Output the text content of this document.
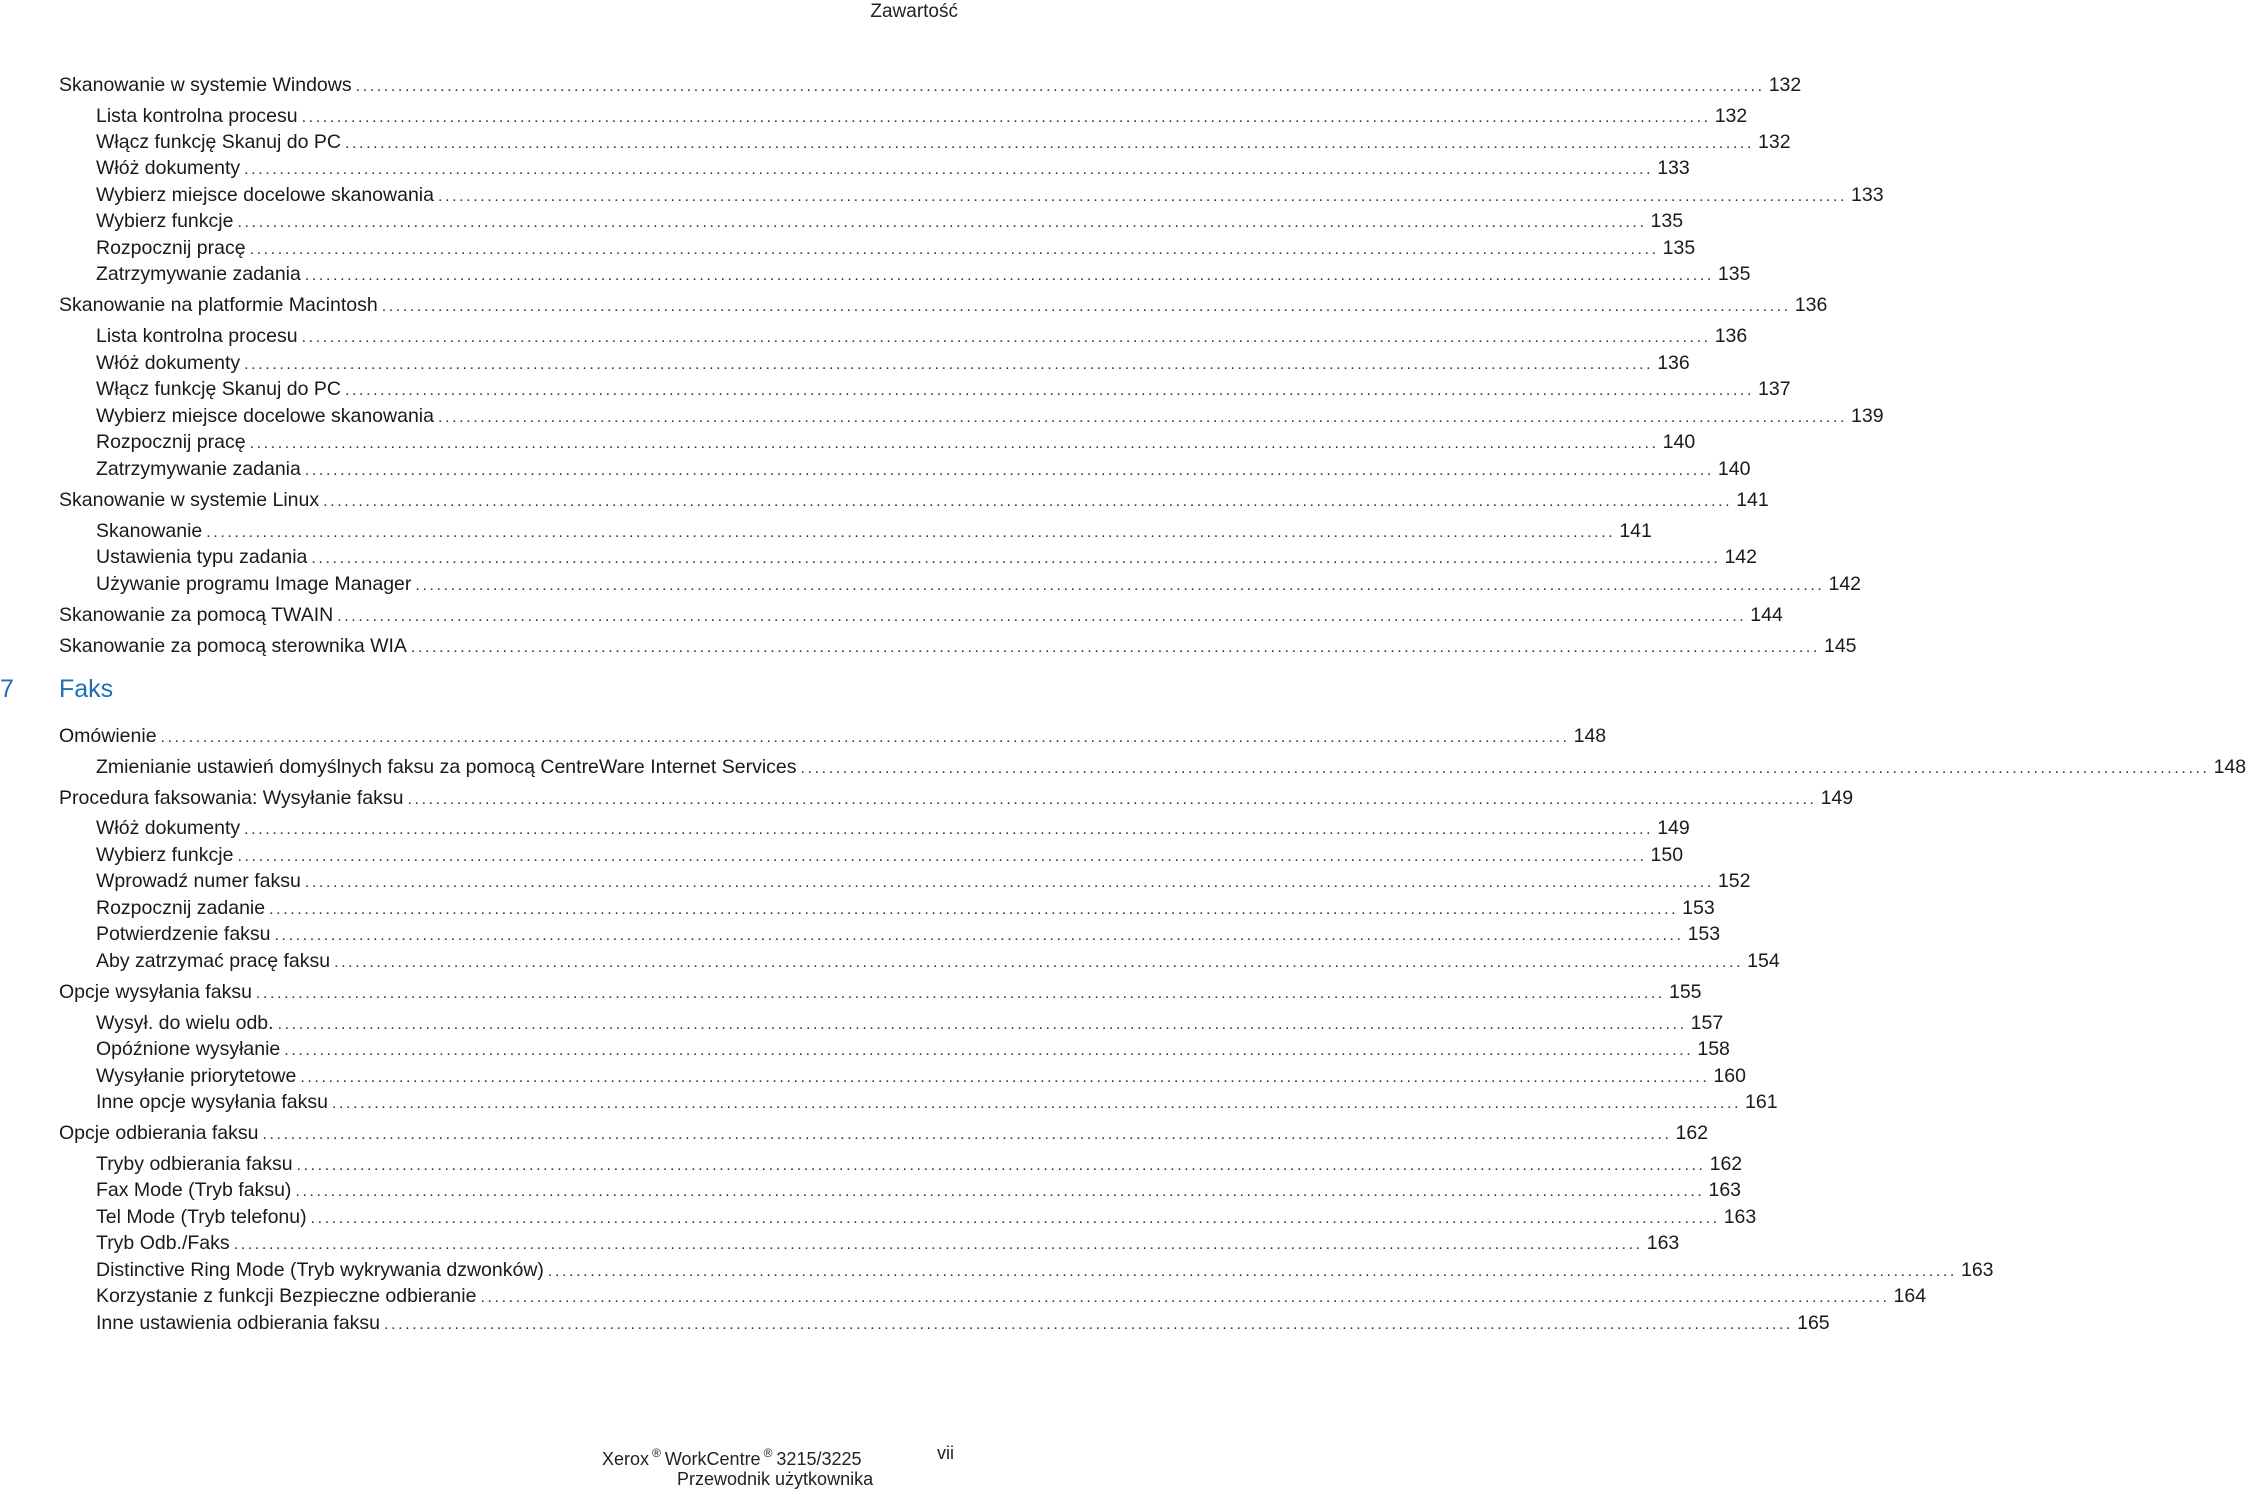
Zawartość
Skanowanie w systemie Windows ........................................................................................................................................................................................................ 132
Lista kontrolna procesu ........................................................................................................................................................................................................ 132
Włącz funkcję Skanuj do PC ........................................................................................................................................................................................................ 132
Włóż dokumenty ........................................................................................................................................................................................................ 133
Wybierz miejsce docelowe skanowania ........................................................................................................................................................................................................ 133
Wybierz funkcje ........................................................................................................................................................................................................ 135
Rozpocznij pracę ........................................................................................................................................................................................................ 135
Zatrzymywanie zadania ........................................................................................................................................................................................................ 135
Skanowanie na platformie Macintosh ........................................................................................................................................................................................................ 136
Lista kontrolna procesu ........................................................................................................................................................................................................ 136
Włóż dokumenty ........................................................................................................................................................................................................ 136
Włącz funkcję Skanuj do PC ........................................................................................................................................................................................................ 137
Wybierz miejsce docelowe skanowania ........................................................................................................................................................................................................ 139
Rozpocznij pracę ........................................................................................................................................................................................................ 140
Zatrzymywanie zadania ........................................................................................................................................................................................................ 140
Skanowanie w systemie Linux ........................................................................................................................................................................................................ 141
Skanowanie ........................................................................................................................................................................................................ 141
Ustawienia typu zadania ........................................................................................................................................................................................................ 142
Używanie programu Image Manager ........................................................................................................................................................................................................ 142
Skanowanie za pomocą TWAIN ........................................................................................................................................................................................................ 144
Skanowanie za pomocą sterownika WIA ........................................................................................................................................................................................................ 145
Omówienie ........................................................................................................................................................................................................ 148
Zmienianie ustawień domyślnych faksu za pomocą CentreWare Internet Services ........................................................................................................................................................................................................ 148
Procedura faksowania: Wysyłanie faksu ........................................................................................................................................................................................................ 149
Włóż dokumenty ........................................................................................................................................................................................................ 149
Wybierz funkcje ........................................................................................................................................................................................................ 150
Wprowadź numer faksu ........................................................................................................................................................................................................ 152
Rozpocznij zadanie ........................................................................................................................................................................................................ 153
Potwierdzenie faksu ........................................................................................................................................................................................................ 153
Aby zatrzymać pracę faksu ........................................................................................................................................................................................................ 154
Opcje wysyłania faksu ........................................................................................................................................................................................................ 155
Wysył. do wielu odb. ........................................................................................................................................................................................................ 157
Opóźnione wysyłanie ........................................................................................................................................................................................................ 158
Wysyłanie priorytetowe ........................................................................................................................................................................................................ 160
Inne opcje wysyłania faksu ........................................................................................................................................................................................................ 161
Opcje odbierania faksu ........................................................................................................................................................................................................ 162
Tryby odbierania faksu ........................................................................................................................................................................................................ 162
Fax Mode (Tryb faksu) ........................................................................................................................................................................................................ 163
Tel Mode (Tryb telefonu) ........................................................................................................................................................................................................ 163
Tryb Odb./Faks ........................................................................................................................................................................................................ 163
Distinctive Ring Mode (Tryb wykrywania dzwonków) ........................................................................................................................................................................................................ 163
Korzystanie z funkcji Bezpieczne odbieranie ........................................................................................................................................................................................................ 164
Inne ustawienia odbierania faksu ........................................................................................................................................................................................................ 165
7 Faks
Xerox ® WorkCentre ® 3215/3225
Przewodnik użytkownika
vii
